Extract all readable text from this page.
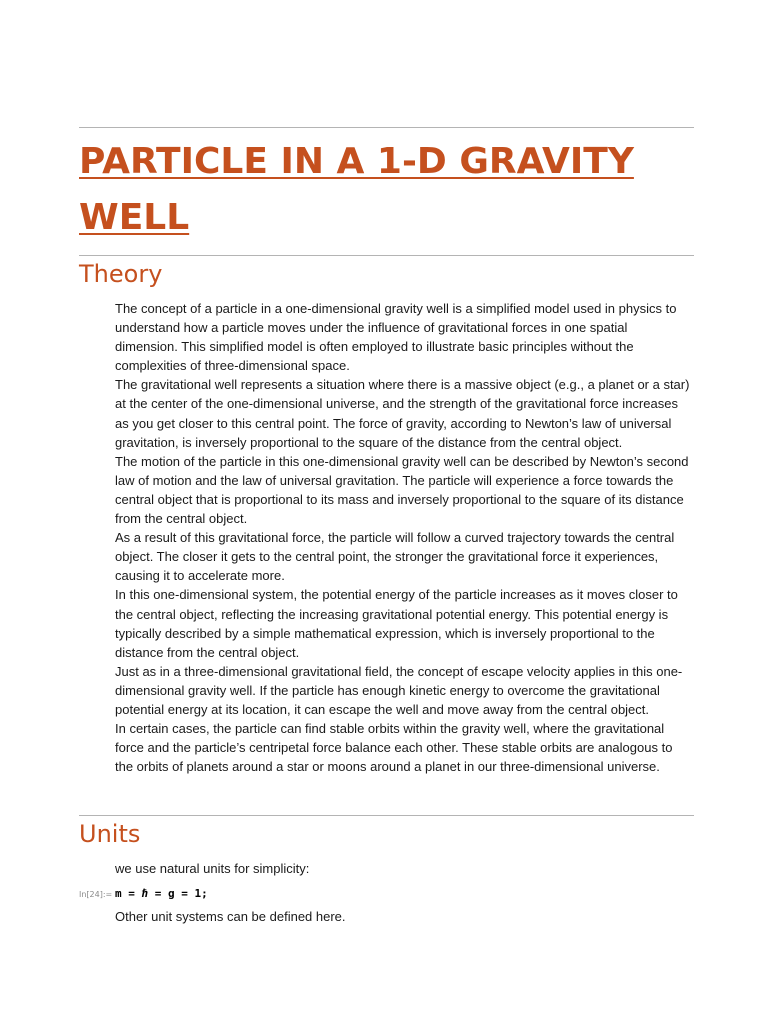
PARTICLE IN A 1-D GRAVITY WELL
Theory

The concept of a particle in a one-dimensional gravity well is a simplified model used in physics to understand how a particle moves under the influence of gravitational forces in one spatial dimension. This simplified model is often employed to illustrate basic principles without the complexities of three-dimensional space.

The gravitational well represents a situation where there is a massive object (e.g., a planet or a star) at the center of the one-dimensional universe, and the strength of the gravitational force increases as you get closer to this central point. The force of gravity, according to Newton’s law of universal gravitation, is inversely proportional to the square of the distance from the central object.

The motion of the particle in this one-dimensional gravity well can be described by Newton’s second law of motion and the law of universal gravitation. The particle will experience a force towards the central object that is proportional to its mass and inversely proportional to the square of its distance from the central object.

As a result of this gravitational force, the particle will follow a curved trajectory towards the central object. The closer it gets to the central point, the stronger the gravitational force it experiences, causing it to accelerate more.

In this one-dimensional system, the potential energy of the particle increases as it moves closer to the central object, reflecting the increasing gravitational potential energy. This potential energy is typically described by a simple mathematical expression, which is inversely proportional to the distance from the central object.

Just as in a three-dimensional gravitational field, the concept of escape velocity applies in this one-dimensional gravity well. If the particle has enough kinetic energy to overcome the gravitational potential energy at its location, it can escape the well and move away from the central object.

In certain cases, the particle can find stable orbits within the gravity well, where the gravitational force and the particle’s centripetal force balance each other. These stable orbits are analogous to the orbits of planets around a star or moons around a planet in our three-dimensional universe.

Units

we use natural units for simplicity:

In[24]:= m = ℏ = g = 1;

Other unit systems can be defined here.
